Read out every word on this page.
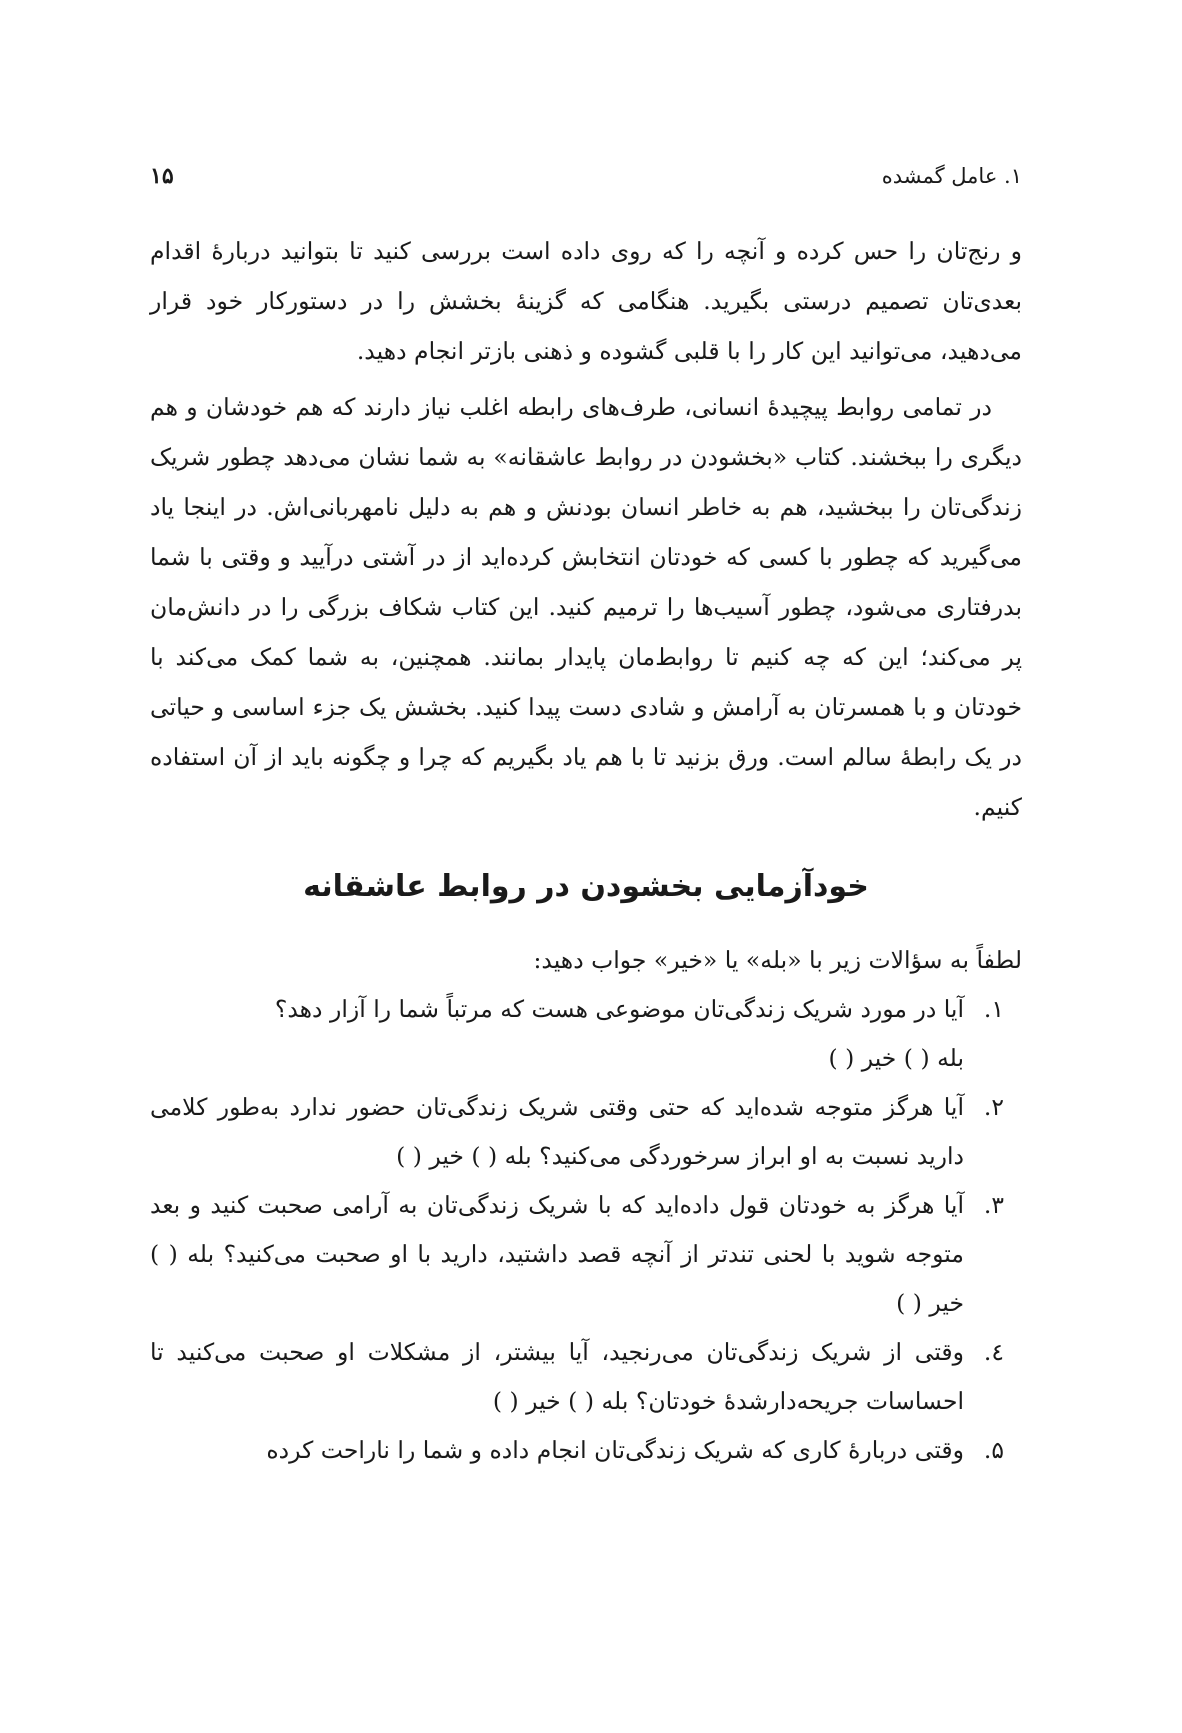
۱. عامل گمشده
۱۵

و رنج‌تان را حس کرده و آنچه را که روی داده است بررسی کنید تا بتوانید دربارهٔ اقدام بعدی‌تان تصمیم درستی بگیرید. هنگامی که گزینهٔ بخشش را در دستورکار خود قرار می‌دهید، می‌توانید این کار را با قلبی گشوده و ذهنی بازتر انجام دهید.

در تمامی روابط پیچیدهٔ انسانی، طرف‌های رابطه اغلب نیاز دارند که هم خودشان و هم دیگری را ببخشند. کتاب «بخشودن در روابط عاشقانه» به شما نشان می‌دهد چطور شریک زندگی‌تان را ببخشید، هم به خاطر انسان بودنش و هم به دلیل نامهربانی‌اش. در اینجا یاد می‌گیرید که چطور با کسی که خودتان انتخابش کرده‌اید از در آشتی درآیید و وقتی با شما بدرفتاری می‌شود، چطور آسیب‌ها را ترمیم کنید. این کتاب شکاف بزرگی را در دانش‌مان پر می‌کند؛ این که چه کنیم تا روابط‌مان پایدار بمانند. همچنین، به شما کمک می‌کند با خودتان و با همسرتان به آرامش و شادی دست پیدا کنید. بخشش یک جزء اساسی و حیاتی در یک رابطهٔ سالم است. ورق بزنید تا با هم یاد بگیریم که چرا و چگونه باید از آن استفاده کنیم.

خودآزمایی بخشودن در روابط عاشقانه

لطفاً به سؤالات زیر با «بله» یا «خیر» جواب دهید:

۱.
آیا در مورد شریک زندگی‌تان موضوعی هست که مرتباً شما را آزار دهد؟
بله ( ) خیر ( )
۲.
آیا هرگز متوجه شده‌اید که حتی وقتی شریک زندگی‌تان حضور ندارد به‌طور کلامی دارید نسبت به او ابراز سرخوردگی می‌کنید؟ بله ( ) خیر ( )
۳.
آیا هرگز به خودتان قول داده‌اید که با شریک زندگی‌تان به آرامی صحبت کنید و بعد متوجه شوید با لحنی تندتر از آنچه قصد داشتید، دارید با او صحبت می‌کنید؟ بله ( ) خیر ( )
٤.
وقتی از شریک زندگی‌تان می‌رنجید، آیا بیشتر، از مشکلات او صحبت می‌کنید تا احساسات جریحه‌دارشدهٔ خودتان؟ بله ( ) خیر ( )
۵.
وقتی دربارهٔ کاری که شریک زندگی‌تان انجام داده و شما را ناراحت کرده
